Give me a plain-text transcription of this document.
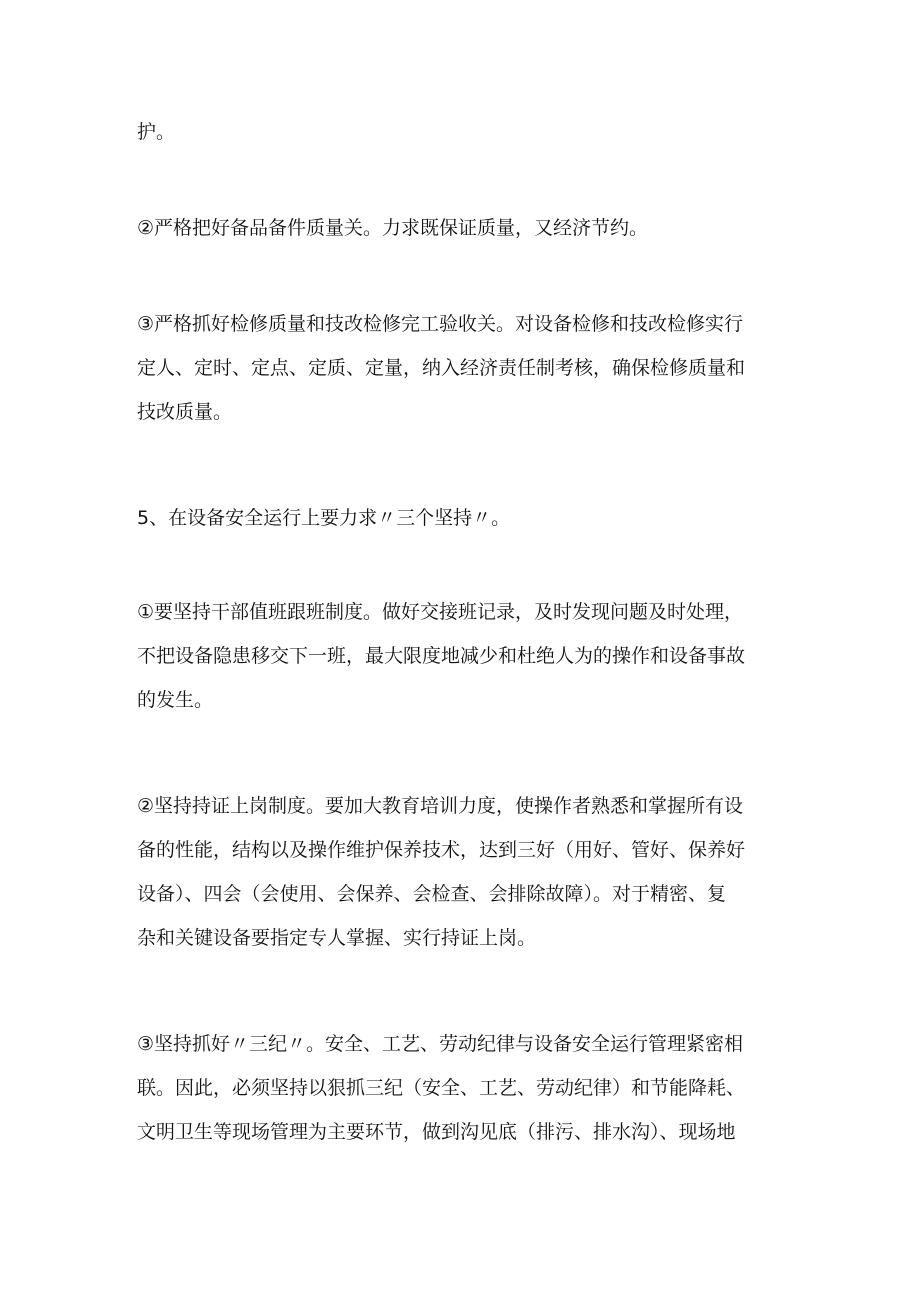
护。

②严格把好备品备件质量关。力求既保证质量，又经济节约。

③严格抓好检修质量和技改检修完工验收关。对设备检修和技改检修实行
定人、定时、定点、定质、定量，纳入经济责任制考核，确保检修质量和
技改质量。

5、在设备安全运行上要力求〃三个坚持〃。

①要坚持干部值班跟班制度。做好交接班记录，及时发现问题及时处理，
不把设备隐患移交下一班，最大限度地减少和杜绝人为的操作和设备事故
的发生。

②坚持持证上岗制度。要加大教育培训力度，使操作者熟悉和掌握所有设
备的性能，结构以及操作维护保养技术，达到三好（用好、管好、保养好
设备）、四会（会使用、会保养、会检查、会排除故障）。对于精密、复
杂和关键设备要指定专人掌握、实行持证上岗。

③坚持抓好〃三纪〃。安全、工艺、劳动纪律与设备安全运行管理紧密相
联。因此，必须坚持以狠抓三纪（安全、工艺、劳动纪律）和节能降耗、
文明卫生等现场管理为主要环节，做到沟见底（排污、排水沟）、现场地
